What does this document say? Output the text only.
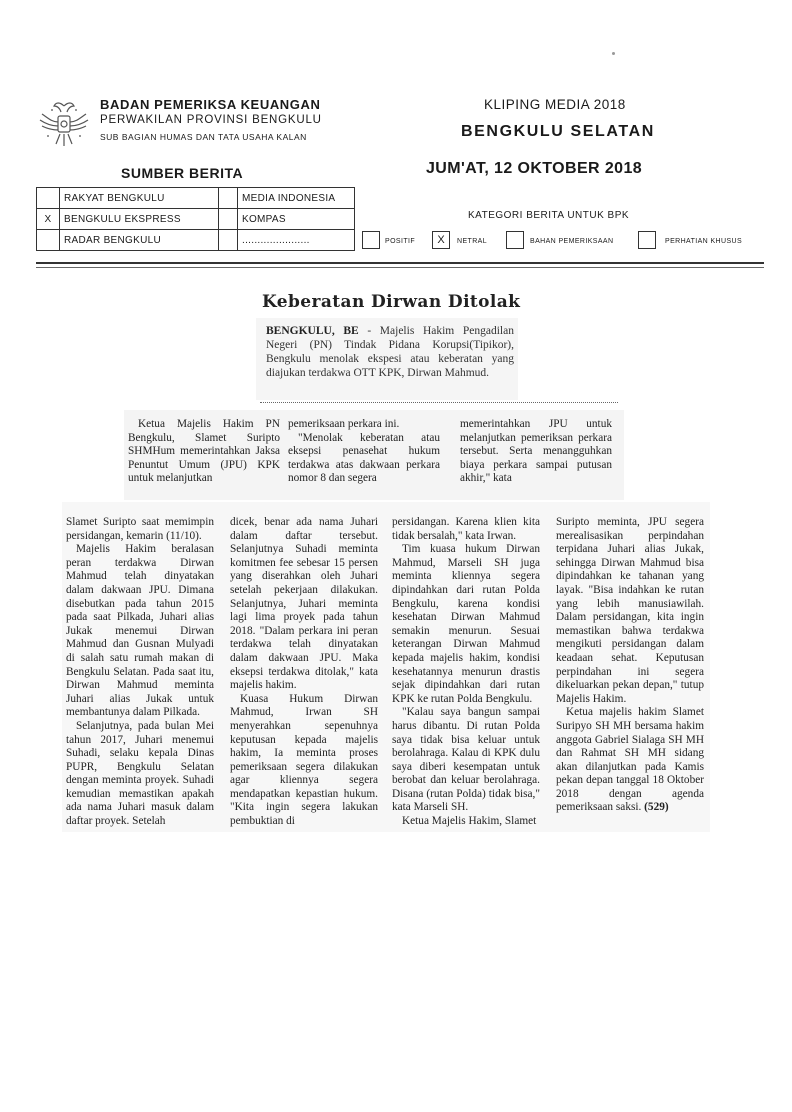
BADAN PEMERIKSA KEUANGAN
PERWAKILAN PROVINSI BENGKULU
SUB BAGIAN HUMAS DAN TATA USAHA KALAN
KLIPING MEDIA 2018
BENGKULU SELATAN
JUM'AT, 12 OKTOBER 2018
SUMBER BERITA
	RAKYAT BENGKULU		MEDIA INDONESIA
X	BENGKULU EKSPRESS		KOMPAS
	RADAR BENGKULU		......................
KATEGORI BERITA UNTUK BPK
POSITIF	X	NETRAL	BAHAN PEMERIKSAAN	PERHATIAN KHUSUS
Keberatan Dirwan Ditolak
BENGKULU, BE - Majelis Hakim Pengadilan Negeri (PN) Tindak Pidana Korupsi(Tipikor), Bengkulu menolak ekspesi atau keberatan yang diajukan terdakwa OTT KPK, Dirwan Mahmud.

Ketua Majelis Hakim PN Bengkulu, Slamet Suripto SHMHum memerintahkan Jaksa Penuntut Umum (JPU) KPK untuk melanjutkan

pemeriksaan perkara ini.

"Menolak keberatan atau eksepsi penasehat hukum terdakwa atas dakwaan perkara nomor 8 dan segera

memerintahkan JPU untuk melanjutkan pemeriksan perkara tersebut. Serta menangguhkan biaya perkara sampai putusan akhir," kata

Slamet Suripto saat memimpin persidangan, kemarin (11/10).

Majelis Hakim beralasan peran terdakwa Dirwan Mahmud telah dinyatakan dalam dakwaan JPU. Dimana disebutkan pada tahun 2015 pada saat Pilkada, Juhari alias Jukak menemui Dirwan Mahmud dan Gusnan Mulyadi di salah satu rumah makan di Bengkulu Selatan. Pada saat itu, Dirwan Mahmud meminta Juhari alias Jukak untuk membantunya dalam Pilkada.

Selanjutnya, pada bulan Mei tahun 2017, Juhari menemui Suhadi, selaku kepala Dinas PUPR, Bengkulu Selatan dengan meminta proyek. Suhadi kemudian memastikan apakah ada nama Juhari masuk dalam daftar proyek. Setelah

dicek, benar ada nama Juhari dalam daftar tersebut. Selanjutnya Suhadi meminta komitmen fee sebesar 15 persen yang diserahkan oleh Juhari setelah pekerjaan dilakukan. Selanjutnya, Juhari meminta lagi lima proyek pada tahun 2018. "Dalam perkara ini peran terdakwa telah dinyatakan dalam dakwaan JPU. Maka eksepsi terdakwa ditolak," kata majelis hakim.

Kuasa Hukum Dirwan Mahmud, Irwan SH menyerahkan sepenuhnya keputusan kepada majelis hakim, Ia meminta proses pemeriksaan segera dilakukan agar kliennya segera mendapatkan kepastian hukum. "Kita ingin segera lakukan pembuktian di

persidangan. Karena klien kita tidak bersalah," kata Irwan.

Tim kuasa hukum Dirwan Mahmud, Marseli SH juga meminta kliennya segera dipindahkan dari rutan Polda Bengkulu, karena kondisi kesehatan Dirwan Mahmud semakin menurun. Sesuai keterangan Dirwan Mahmud kepada majelis hakim, kondisi kesehatannya menurun drastis sejak dipindahkan dari rutan KPK ke rutan Polda Bengkulu.

"Kalau saya bangun sampai harus dibantu. Di rutan Polda saya tidak bisa keluar untuk berolahraga. Kalau di KPK dulu saya diberi kesempatan untuk berobat dan keluar berolahraga. Disana (rutan Polda) tidak bisa," kata Marseli SH.

Ketua Majelis Hakim, Slamet

Suripto meminta, JPU segera merealisasikan perpindahan terpidana Juhari alias Jukak, sehingga Dirwan Mahmud bisa dipindahkan ke tahanan yang layak. "Bisa indahkan ke rutan yang lebih manusiawilah. Dalam persidangan, kita ingin memastikan bahwa terdakwa mengikuti persidangan dalam keadaan sehat. Keputusan perpindahan ini segera dikeluarkan pekan depan," tutup Majelis Hakim.

Ketua majelis hakim Slamet Suripyo SH MH bersama hakim anggota Gabriel Sialaga SH MH dan Rahmat SH MH sidang akan dilanjutkan pada Kamis pekan depan tanggal 18 Oktober 2018 dengan agenda pemeriksaan saksi. (529)
